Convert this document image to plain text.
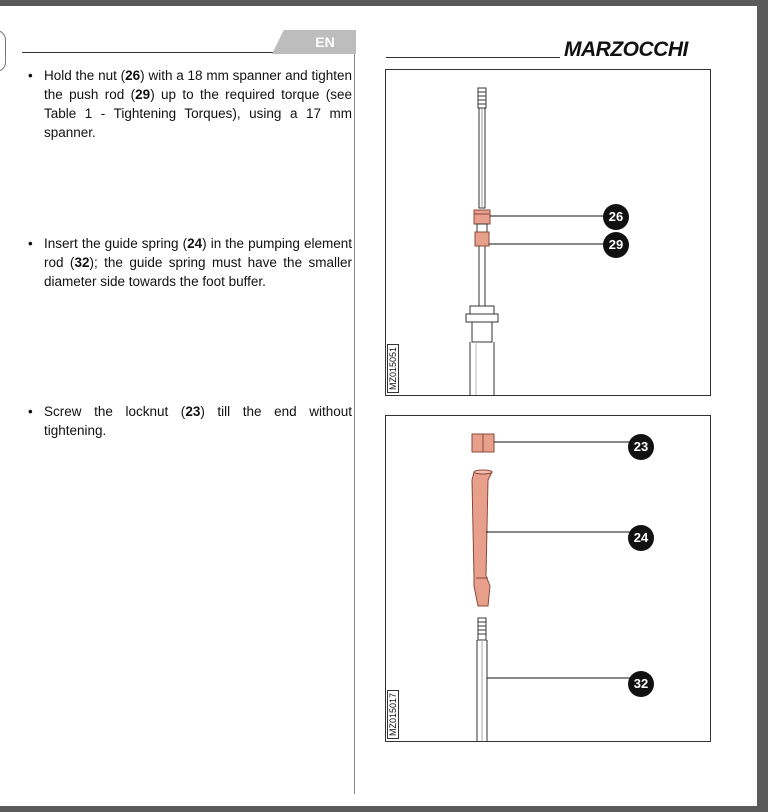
EN
• Hold the nut (26) with a 18 mm spanner and tighten the push rod (29) up to the required torque (see Table 1 - Tightening Torques), using a 17 mm spanner.
• Insert the guide spring (24) in the pumping element rod (32); the guide spring must have the smaller diameter side towards the foot buffer.
• Screw the locknut (23) till the end without tightening.
MARZOCCHI
26
29
MZ015051
23
24
32
MZ015017
